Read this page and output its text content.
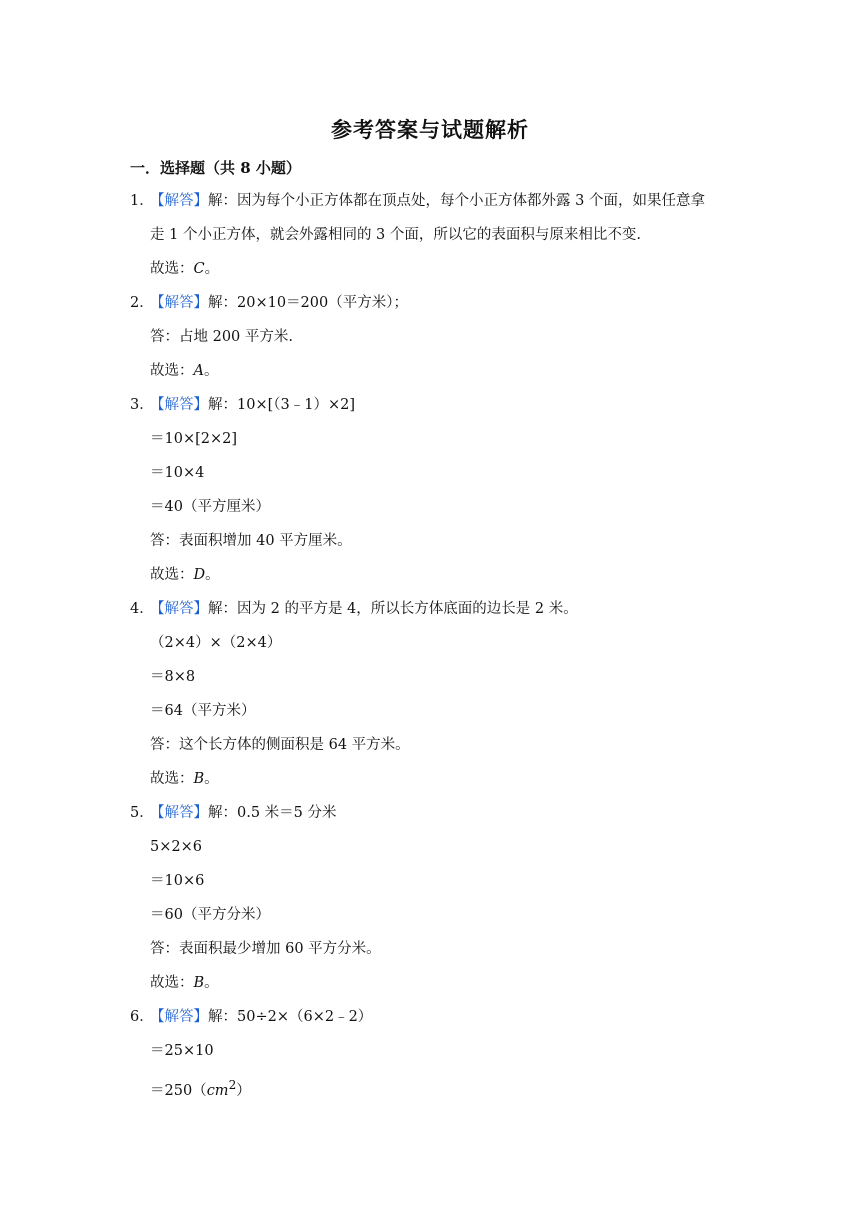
参考答案与试题解析
一．选择题（共 8 小题）
1．【解答】解：因为每个小正方体都在顶点处，每个小正方体都外露 3 个面，如果任意拿
走 1 个小正方体，就会外露相同的 3 个面，所以它的表面积与原来相比不变.
故选：C。
2．【解答】解：20×10＝200（平方米）；
答：占地 200 平方米.
故选：A。
3．【解答】解：10×[（3﹣1）×2]
＝10×[2×2]
＝10×4
＝40（平方厘米）
答：表面积增加 40 平方厘米。
故选：D。
4．【解答】解：因为 2 的平方是 4，所以长方体底面的边长是 2 米。
（2×4）×（2×4）
＝8×8
＝64（平方米）
答：这个长方体的侧面积是 64 平方米。
故选：B。
5．【解答】解：0.5 米＝5 分米
5×2×6
＝10×6
＝60（平方分米）
答：表面积最少增加 60 平方分米。
故选：B。
6．【解答】解：50÷2×（6×2﹣2）
＝25×10
$=250(cm^2)$
